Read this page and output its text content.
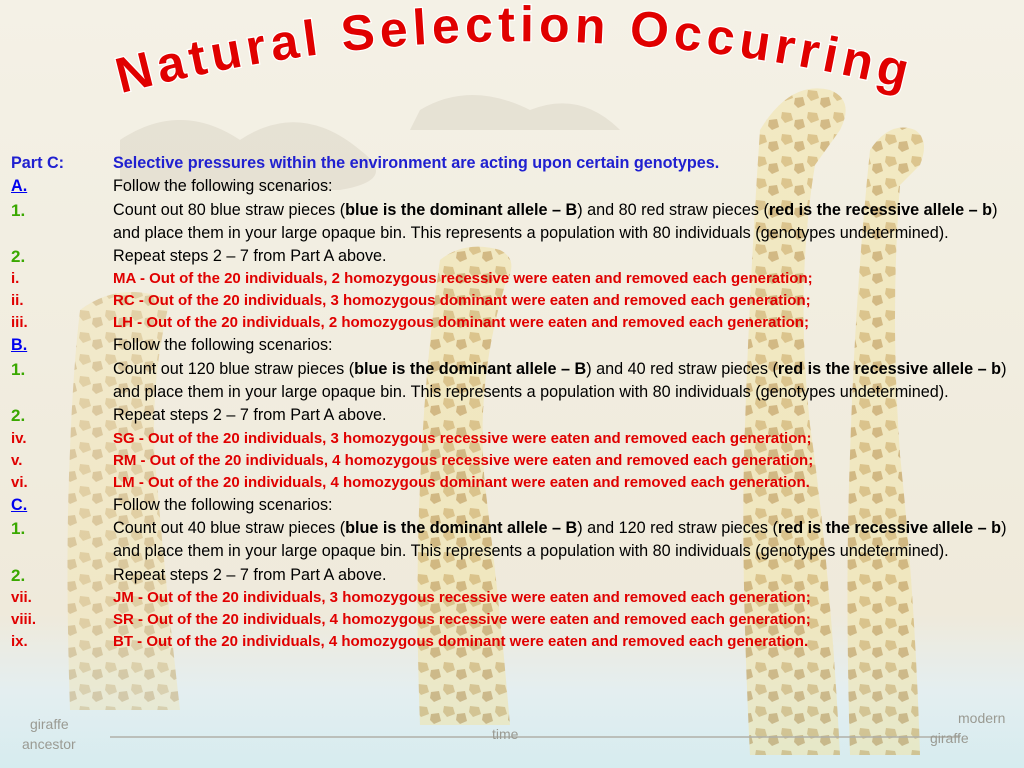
giraffe
ancestor
time
modern
giraffe
Natural Selection Occurring
Part C:	Selective pressures within the environment are acting upon certain genotypes.
A.	Follow the following scenarios:
1.	Count out 80 blue straw pieces (blue is the dominant allele – B) and 80 red straw pieces (red is the recessive allele – b) and place them in your large opaque bin. This represents a population with 80 individuals (genotypes undetermined).
2.	Repeat steps 2 – 7 from Part A above.
i.	MA - Out of the 20 individuals, 2 homozygous recessive were eaten and removed each generation;
ii.	RC - Out of the 20 individuals, 3 homozygous dominant were eaten and removed each generation;
iii.	LH - Out of the 20 individuals, 2 homozygous dominant were eaten and removed each generation;
B.	Follow the following scenarios:
1.	Count out 120 blue straw pieces (blue is the dominant allele – B) and 40 red straw pieces (red is the recessive allele – b) and place them in your large opaque bin. This represents a population with 80 individuals (genotypes undetermined).
2.	Repeat steps 2 – 7 from Part A above.
iv.	SG - Out of the 20 individuals, 3 homozygous recessive were eaten and removed each generation;
v.	RM - Out of the 20 individuals, 4 homozygous recessive were eaten and removed each generation;
vi.	LM - Out of the 20 individuals, 4 homozygous dominant were eaten and removed each generation.
C.	Follow the following scenarios:
1.	Count out 40 blue straw pieces (blue is the dominant allele – B) and 120 red straw pieces (red is the recessive allele – b) and place them in your large opaque bin. This represents a population with 80 individuals (genotypes undetermined).
2.	Repeat steps 2 – 7 from Part A above.
vii.	JM - Out of the 20 individuals, 3 homozygous recessive were eaten and removed each generation;
viii.	SR - Out of the 20 individuals, 4 homozygous recessive were eaten and removed each generation;
ix.	BT - Out of the 20 individuals, 4 homozygous dominant were eaten and removed each generation.
